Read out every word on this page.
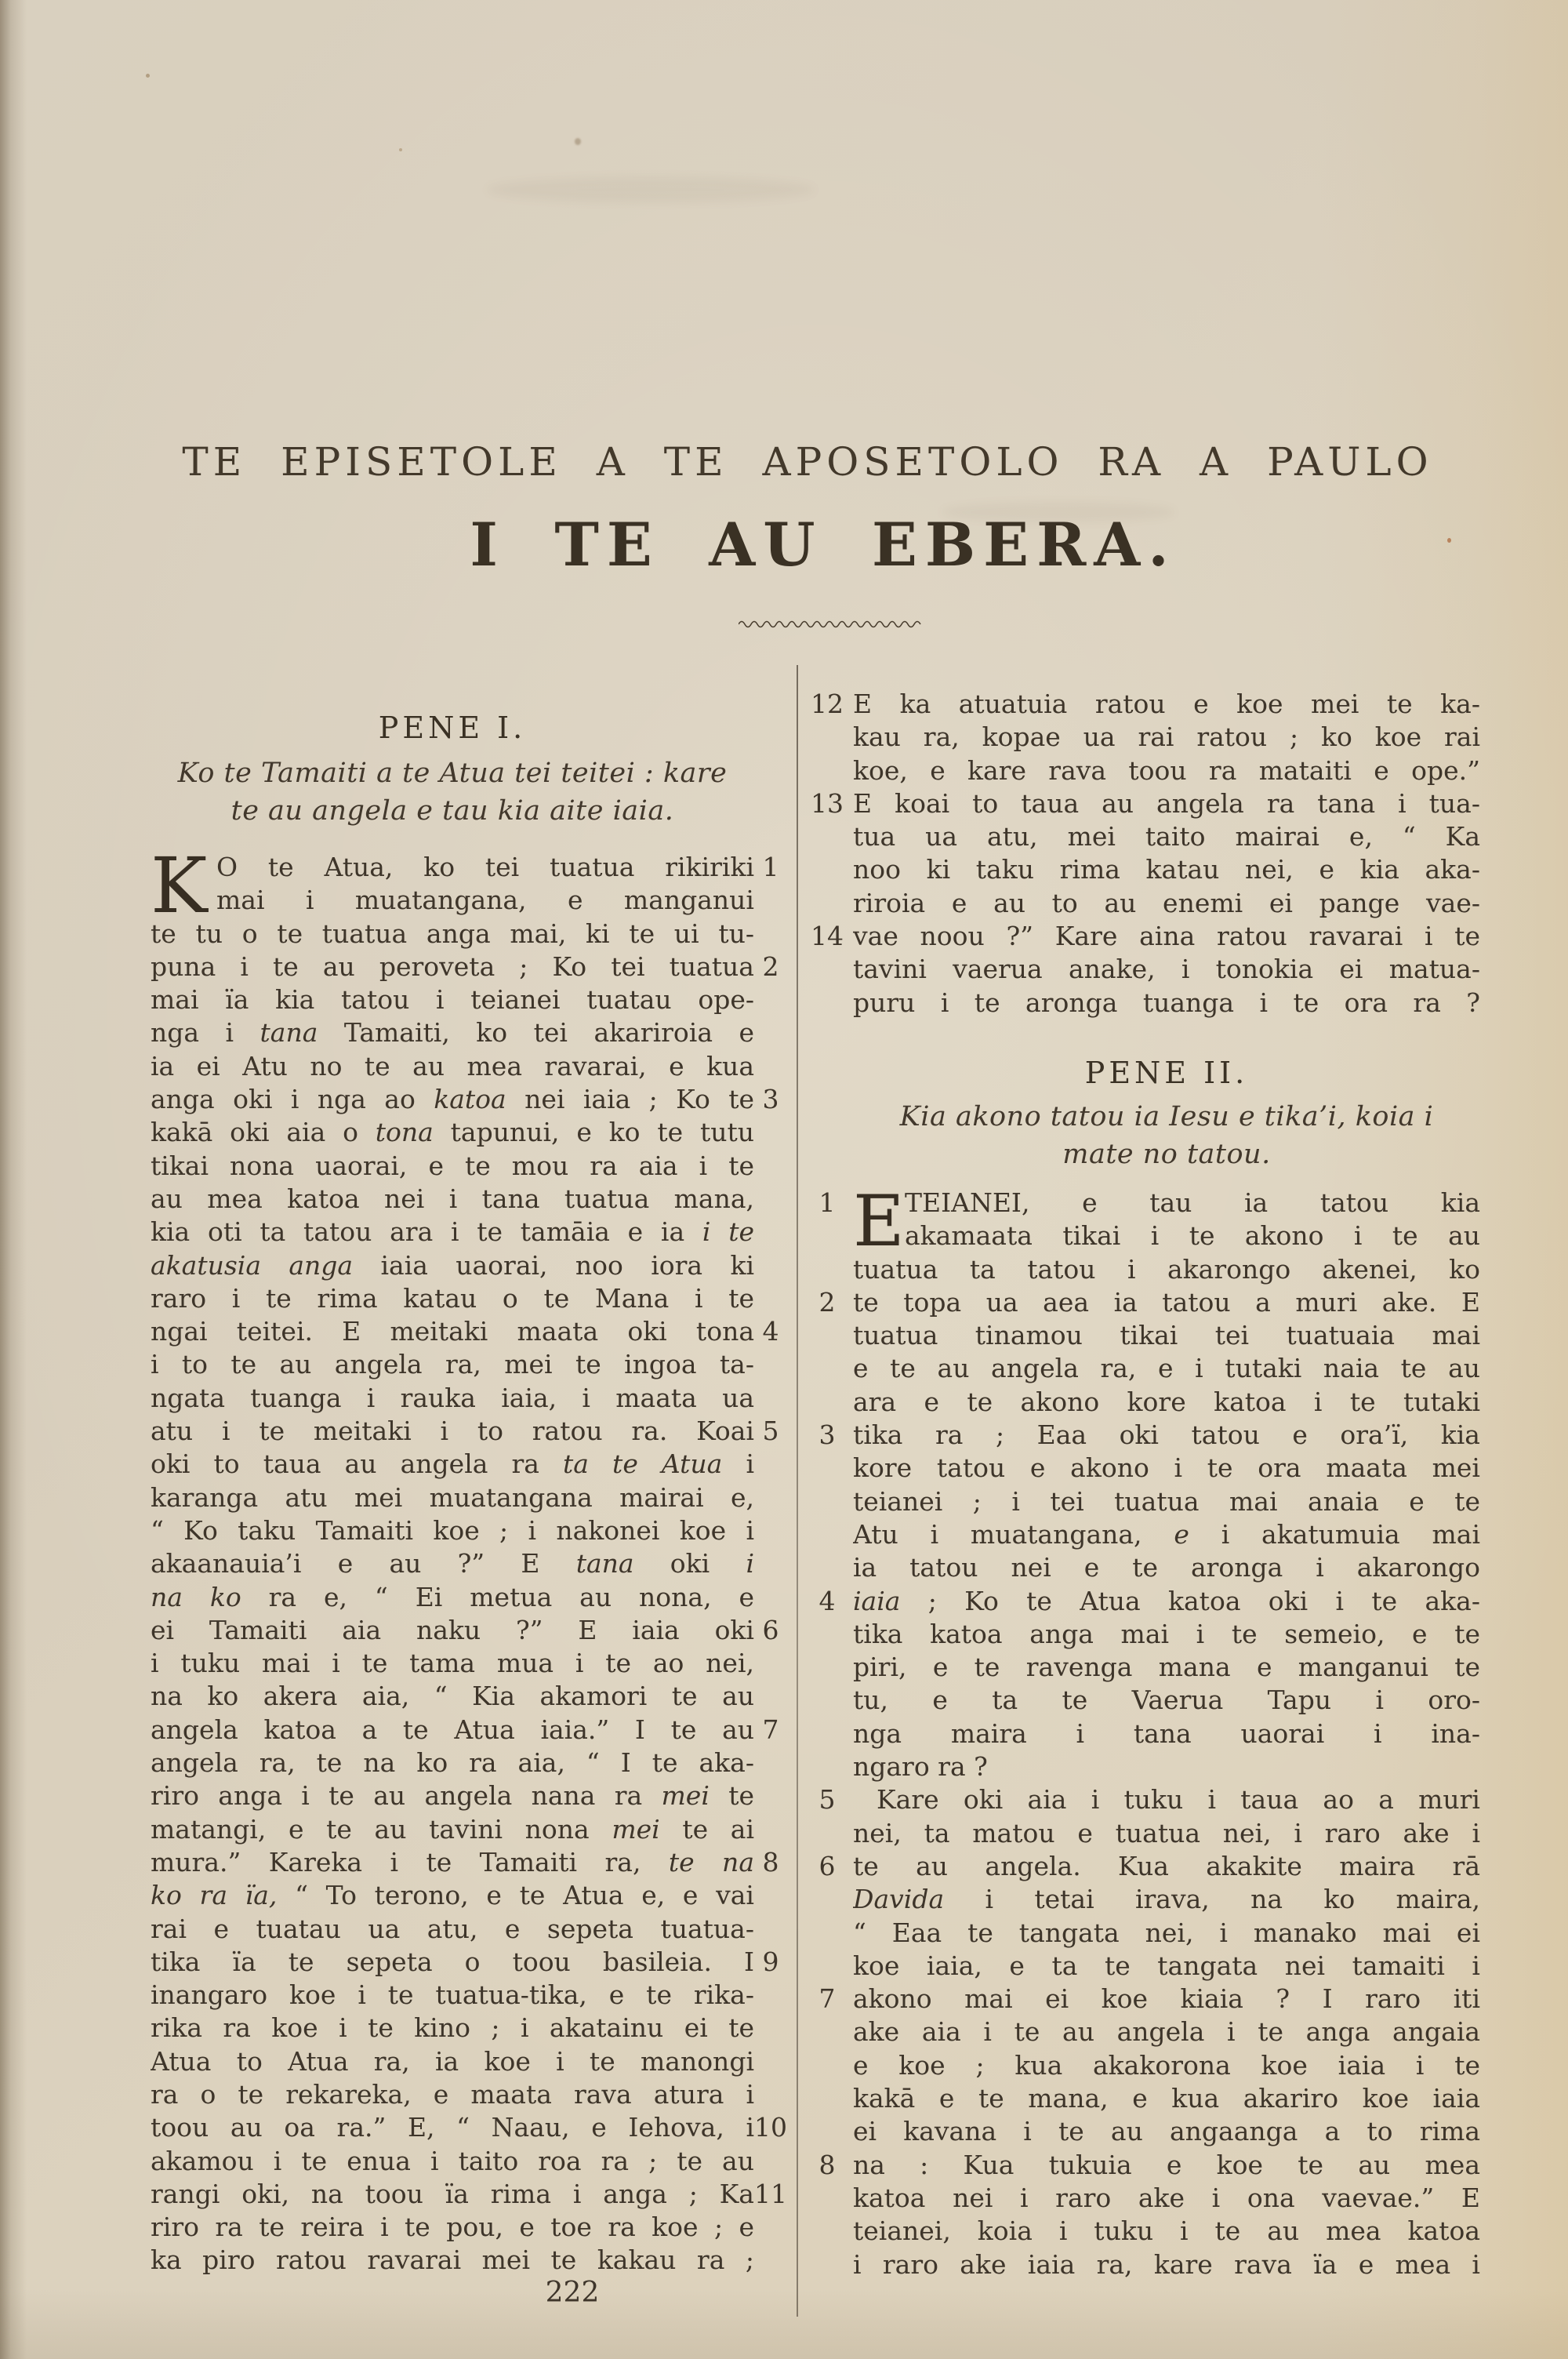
TE EPISETOLE A TE APOSETOLO RA A PAULO
I TE AU EBERA.
PENE I.
Ko te Tamaiti a te Atua tei teitei : kare
te au angela e tau kia aite iaia.
K O te Atua, ko tei tuatua rikiriki 1
mai i muatangana, e manganui
te tu o te tuatua anga mai, ki te ui tu-
puna i te au peroveta ; Ko tei tuatua 2
mai ïa kia tatou i teianei tuatau ope-
nga i tana Tamaiti, ko tei akariroia e
ia ei Atu no te au mea ravarai, e kua
anga oki i nga ao katoa nei iaia ; Ko te 3
kakā oki aia o tona tapunui, e ko te tutu
tikai nona uaorai, e te mou ra aia i te
au mea katoa nei i tana tuatua mana,
kia oti ta tatou ara i te tamāia e ia i te
akatusia anga iaia uaorai, noo iora ki
raro i te rima katau o te Mana i te
ngai teitei. E meitaki maata oki tona 4
i to te au angela ra, mei te ingoa ta-
ngata tuanga i rauka iaia, i maata ua
atu i te meitaki i to ratou ra. Koai 5
oki to taua au angela ra ta te Atua i
karanga atu mei muatangana mairai e,
“ Ko taku Tamaiti koe ; i nakonei koe i
akaanauia’i e au ?” E tana oki i
na ko ra e, “ Ei metua au nona, e
ei Tamaiti aia naku ?” E iaia oki 6
i tuku mai i te tama mua i te ao nei,
na ko akera aia, “ Kia akamori te au
angela katoa a te Atua iaia.” I te au 7
angela ra, te na ko ra aia, “ I te aka-
riro anga i te au angela nana ra mei te
matangi, e te au tavini nona mei te ai
mura.” Kareka i te Tamaiti ra, te na 8
ko ra ïa, “ To terono, e te Atua e, e vai
rai e tuatau ua atu, e sepeta tuatua-
tika ïa te sepeta o toou basileia. I 9
inangaro koe i te tuatua-tika, e te rika-
rika ra koe i te kino ; i akatainu ei te
Atua to Atua ra, ia koe i te manongi
ra o te rekareka, e maata rava atura i
toou au oa ra.” E, “ Naau, e Iehova, i 10
akamou i te enua i taito roa ra ; te au
rangi oki, na toou ïa rima i anga ; Ka 11
riro ra te reira i te pou, e toe ra koe ; e
ka piro ratou ravarai mei te kakau ra ;
12 E ka atuatuia ratou e koe mei te ka-
kau ra, kopae ua rai ratou ; ko koe rai
koe, e kare rava toou ra mataiti e ope.”
13 E koai to taua au angela ra tana i tua-
tua ua atu, mei taito mairai e, “ Ka
noo ki taku rima katau nei, e kia aka-
riroia e au to au enemi ei pange vae-
14 vae noou ?” Kare aina ratou ravarai i te
tavini vaerua anake, i tonokia ei matua-
puru i te aronga tuanga i te ora ra ?
PENE II.
Kia akono tatou ia Iesu e tika’i, koia i
mate no tatou.
E
1	TEIANEI, e tau ia tatou kia
akamaata tikai i te akono i te au
tuatua ta tatou i akarongo akenei, ko
2 te topa ua aea ia tatou a muri ake. E
tuatua tinamou tikai tei tuatuaia mai
e te au angela ra, e i tutaki naia te au
ara e te akono kore katoa i te tutaki
3 tika ra ; Eaa oki tatou e ora’ï, kia
kore tatou e akono i te ora maata mei
teianei ; i tei tuatua mai anaia e te
Atu i muatangana, e i akatumuia mai
ia tatou nei e te aronga i akarongo
4 iaia ; Ko te Atua katoa oki i te aka-
tika katoa anga mai i te semeio, e te
piri, e te ravenga mana e manganui te
tu, e ta te Vaerua Tapu i oro-
nga maira i tana uaorai i ina-
ngaro ra ?
5	Kare oki aia i tuku i taua ao a muri
nei, ta matou e tuatua nei, i raro ake i
6 te au angela. Kua akakite maira rā
Davida i tetai irava, na ko maira,
“ Eaa te tangata nei, i manako mai ei
koe iaia, e ta te tangata nei tamaiti i
7 akono mai ei koe kiaia ? I raro iti
ake aia i te au angela i te anga angaia
e koe ; kua akakorona koe iaia i te
kakā e te mana, e kua akariro koe iaia
ei kavana i te au angaanga a to rima
8 na : Kua tukuia e koe te au mea
katoa nei i raro ake i ona vaevae.” E
teianei, koia i tuku i te au mea katoa
i raro ake iaia ra, kare rava ïa e mea i
222
